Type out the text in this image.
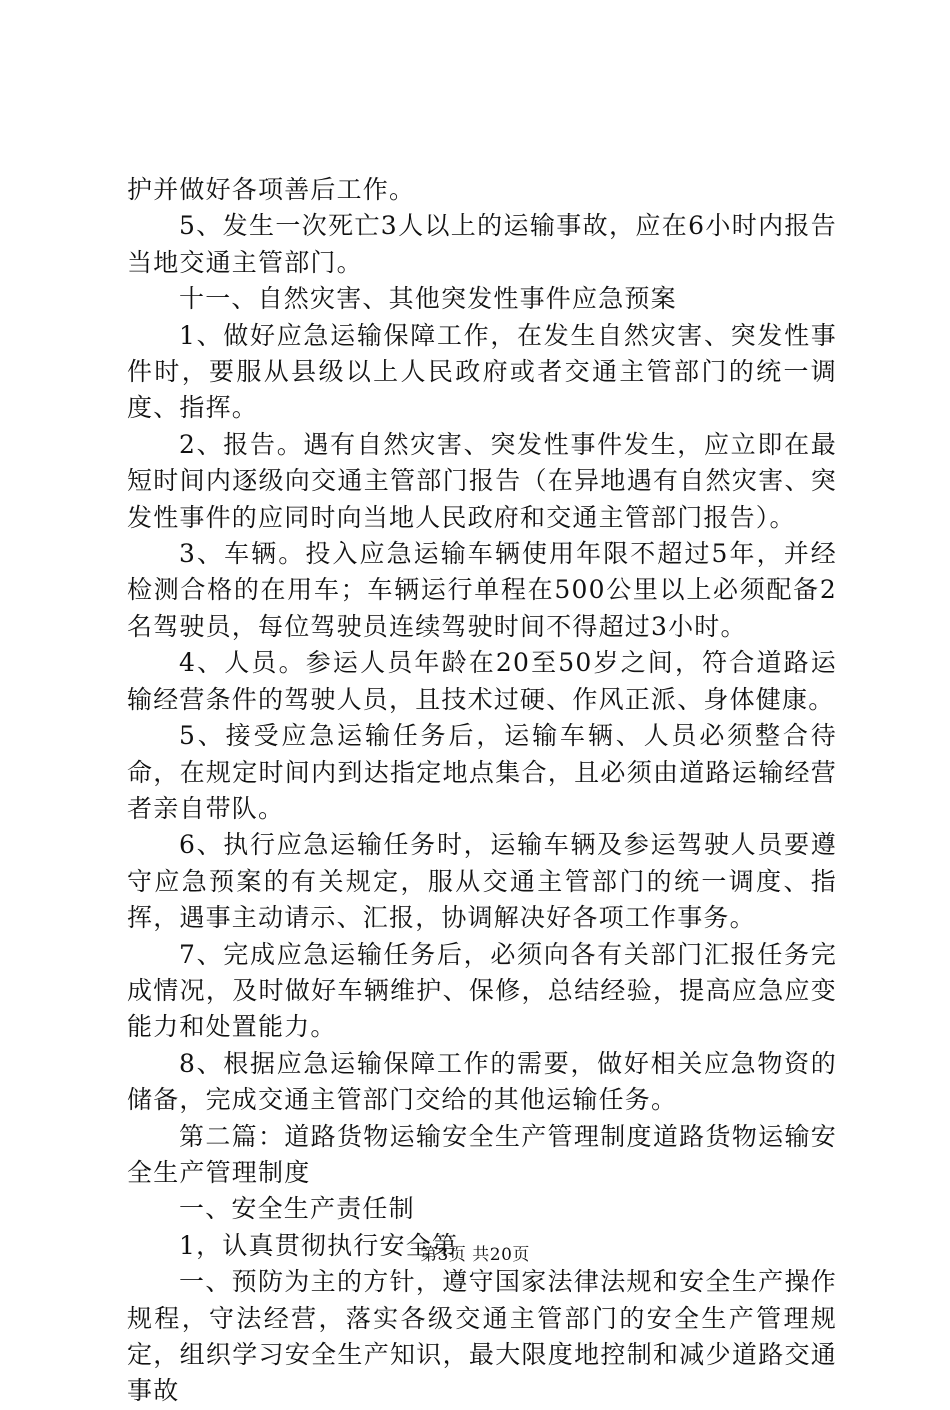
护并做好各项善后工作。

5、发生一次死亡3人以上的运输事故，应在6小时内报告当地交通主管部门。

十一、自然灾害、其他突发性事件应急预案

1、做好应急运输保障工作，在发生自然灾害、突发性事件时，要服从县级以上人民政府或者交通主管部门的统一调度、指挥。

2、报告。遇有自然灾害、突发性事件发生，应立即在最短时间内逐级向交通主管部门报告（在异地遇有自然灾害、突发性事件的应同时向当地人民政府和交通主管部门报告）。

3、车辆。投入应急运输车辆使用年限不超过5年，并经检测合格的在用车；车辆运行单程在500公里以上必须配备2名驾驶员，每位驾驶员连续驾驶时间不得超过3小时。

4、人员。参运人员年龄在20至50岁之间，符合道路运输经营条件的驾驶人员，且技术过硬、作风正派、身体健康。

5、接受应急运输任务后，运输车辆、人员必须整合待命，在规定时间内到达指定地点集合，且必须由道路运输经营者亲自带队。

6、执行应急运输任务时，运输车辆及参运驾驶人员要遵守应急预案的有关规定，服从交通主管部门的统一调度、指挥，遇事主动请示、汇报，协调解决好各项工作事务。

7、完成应急运输任务后，必须向各有关部门汇报任务完成情况，及时做好车辆维护、保修，总结经验，提高应急应变能力和处置能力。

8、根据应急运输保障工作的需要，做好相关应急物资的储备，完成交通主管部门交给的其他运输任务。

第二篇：道路货物运输安全生产管理制度道路货物运输安全生产管理制度

一、安全生产责任制

1，认真贯彻执行安全第

一、预防为主的方针，遵守国家法律法规和安全生产操作规程，守法经营，落实各级交通主管部门的安全生产管理规定，组织学习安全生产知识，最大限度地控制和减少道路交通事故

第3页 共20页
